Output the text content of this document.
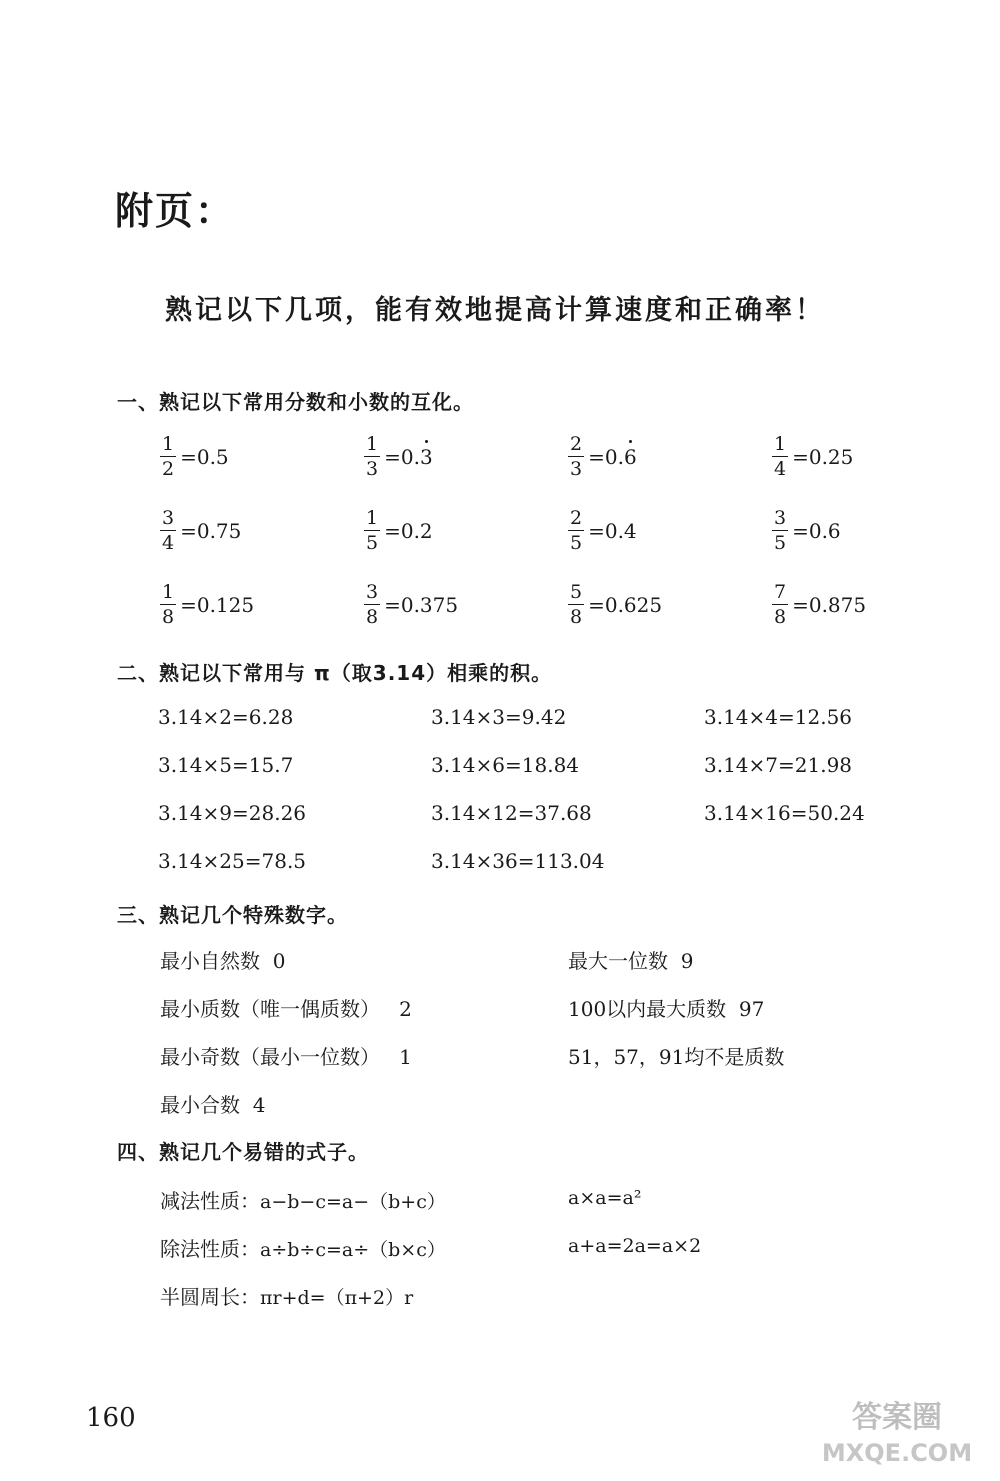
附页：
熟记以下几项，能有效地提高计算速度和正确率！
一、熟记以下常用分数和小数的互化。
$\frac{1}{2} =0.5$	$\frac{1}{3} =0$. 3	$\frac{2}{3} =0$. 6	$\frac{1}{4} =0.25$
$\frac{3}{4} =0.75$	$\frac{1}{5} =0.2$	$\frac{2}{5} =0.4$	$\frac{3}{5} =0.6$
$\frac{1}{8} =0.125$	$\frac{3}{8} =0.375$	$\frac{5}{8} =0.625$	$\frac{7}{8} =0.875$
二、熟记以下常用与 π（取3.14）相乘的积。
3.14×2=6.28	3.14×3=9.42	3.14×4=12.56
3.14×5=15.7	3.14×6=18.84	3.14×7=21.98
3.14×9=28.26	3.14×12=37.68	3.14×16=50.24
3.14×25=78.5	3.14×36=113.04
三、熟记几个特殊数字。
最小自然数 0	最大一位数 9
最小质数（唯一偶质数） 2	100以内最大质数 97
最小奇数（最小一位数） 1	51，57，91均不是质数
最小合数 4
四、熟记几个易错的式子。
减法性质：a−b−c=a−（b+c）	a×a=a²
除法性质：a÷b÷c=a÷（b×c）	a+a=2a=a×2
半圆周长：πr+d=（π+2）r
160	答案圈
MXQE.COM
